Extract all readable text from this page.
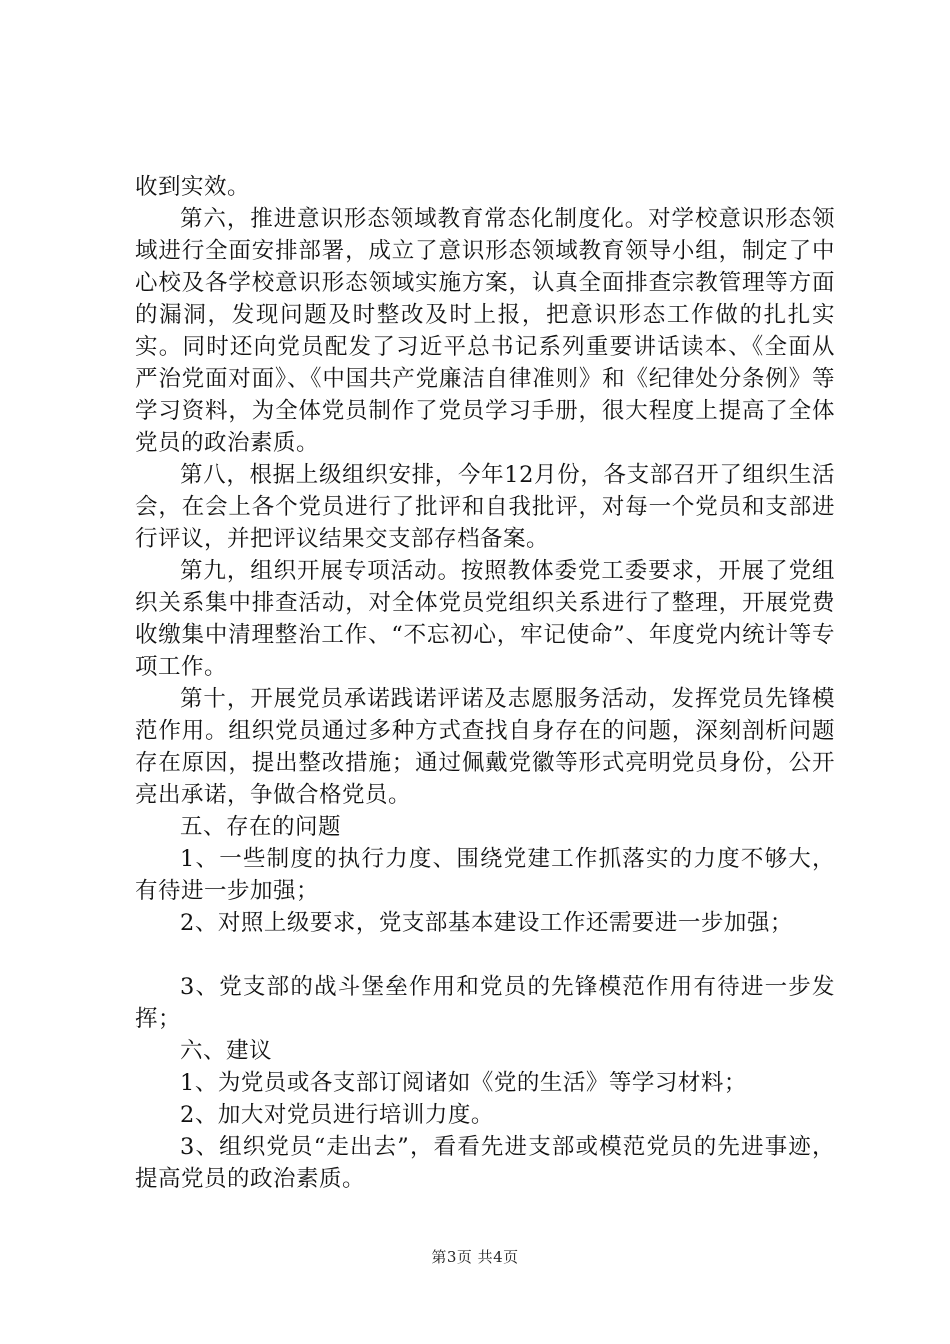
收到实效。

第六，推进意识形态领域教育常态化制度化。对学校意识形态领域进行全面安排部署，成立了意识形态领域教育领导小组，制定了中心校及各学校意识形态领域实施方案，认真全面排查宗教管理等方面的漏洞，发现问题及时整改及时上报，把意识形态工作做的扎扎实实。同时还向党员配发了习近平总书记系列重要讲话读本、《全面从严治党面对面》、《中国共产党廉洁自律准则》和《纪律处分条例》等学习资料，为全体党员制作了党员学习手册，很大程度上提高了全体党员的政治素质。

第八，根据上级组织安排，今年12月份，各支部召开了组织生活会，在会上各个党员进行了批评和自我批评，对每一个党员和支部进行评议，并把评议结果交支部存档备案。

第九，组织开展专项活动。按照教体委党工委要求，开展了党组织关系集中排查活动，对全体党员党组织关系进行了整理，开展党费收缴集中清理整治工作、“不忘初心，牢记使命”、年度党内统计等专项工作。

第十，开展党员承诺践诺评诺及志愿服务活动，发挥党员先锋模范作用。组织党员通过多种方式查找自身存在的问题，深刻剖析问题存在原因，提出整改措施；通过佩戴党徽等形式亮明党员身份，公开亮出承诺，争做合格党员。

五、存在的问题

1、一些制度的执行力度、围绕党建工作抓落实的力度不够大，有待进一步加强；

2、对照上级要求，党支部基本建设工作还需要进一步加强；

3、党支部的战斗堡垒作用和党员的先锋模范作用有待进一步发挥；

六、建议

1、为党员或各支部订阅诸如《党的生活》等学习材料；

2、加大对党员进行培训力度。

3、组织党员“走出去”，看看先进支部或模范党员的先进事迹，提高党员的政治素质。

第3页 共4页
